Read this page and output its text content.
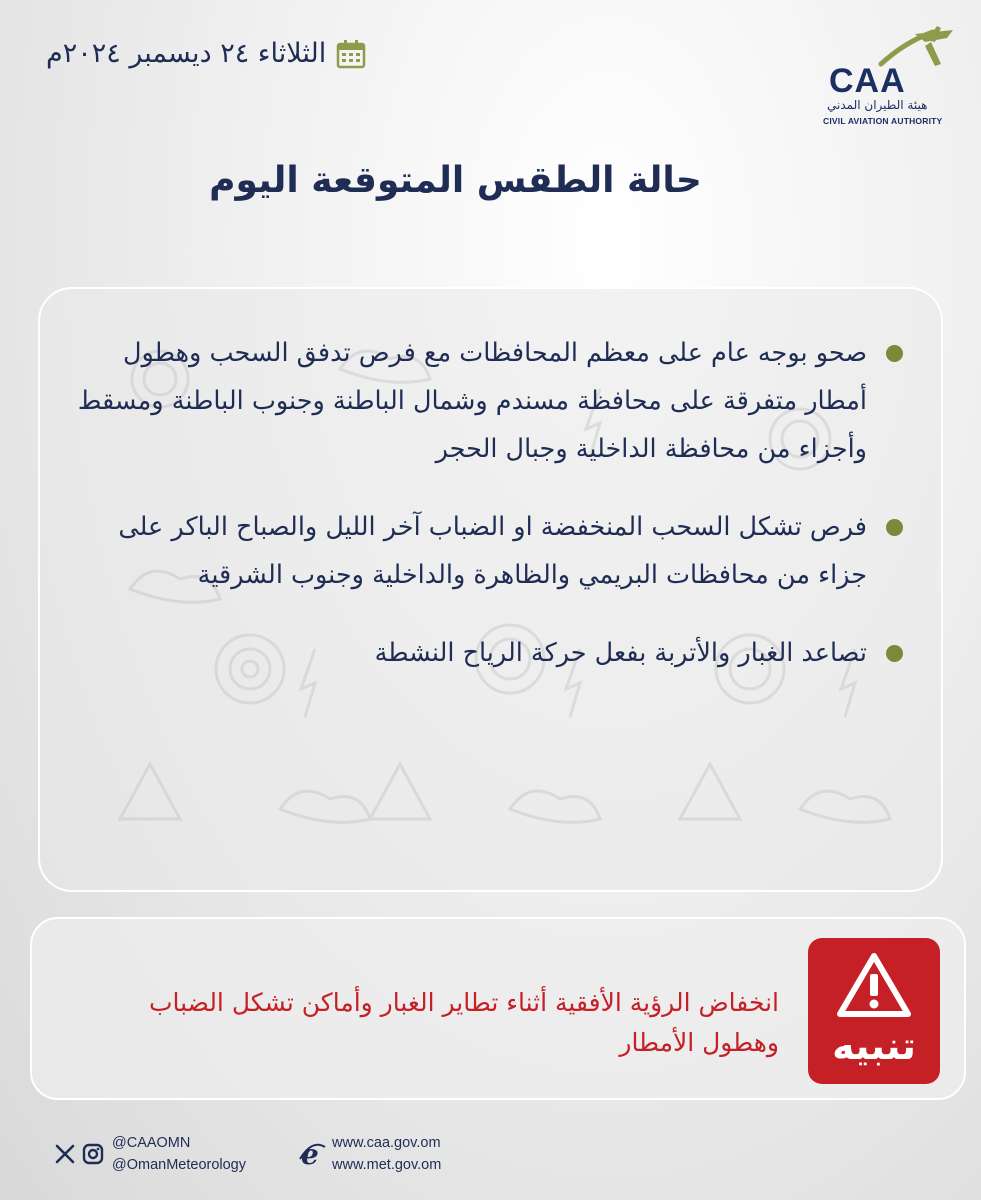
الثلاثاء ٢٤ ديسمبر ٢٠٢٤م
CAA
هيئة الطيران المدني
CIVIL AVIATION AUTHORITY
حالة الطقس المتوقعة اليوم
صحو بوجه عام على معظم المحافظات مع فرص تدفق السحب وهطول أمطار متفرقة على محافظة مسندم وشمال الباطنة وجنوب الباطنة ومسقط وأجزاء من محافظة الداخلية وجبال الحجر
فرص تشكل السحب المنخفضة او الضباب آخر الليل والصباح الباكر على جزاء من محافظات البريمي والظاهرة والداخلية وجنوب الشرقية
تصاعد الغبار والأتربة بفعل حركة الرياح النشطة
تنبيه
انخفاض الرؤية الأفقية أثناء تطاير الغبار وأماكن تشكل الضباب وهطول الأمطار
@CAAOMN
@OmanMeteorology e www.caa.gov.om
www.met.gov.om
